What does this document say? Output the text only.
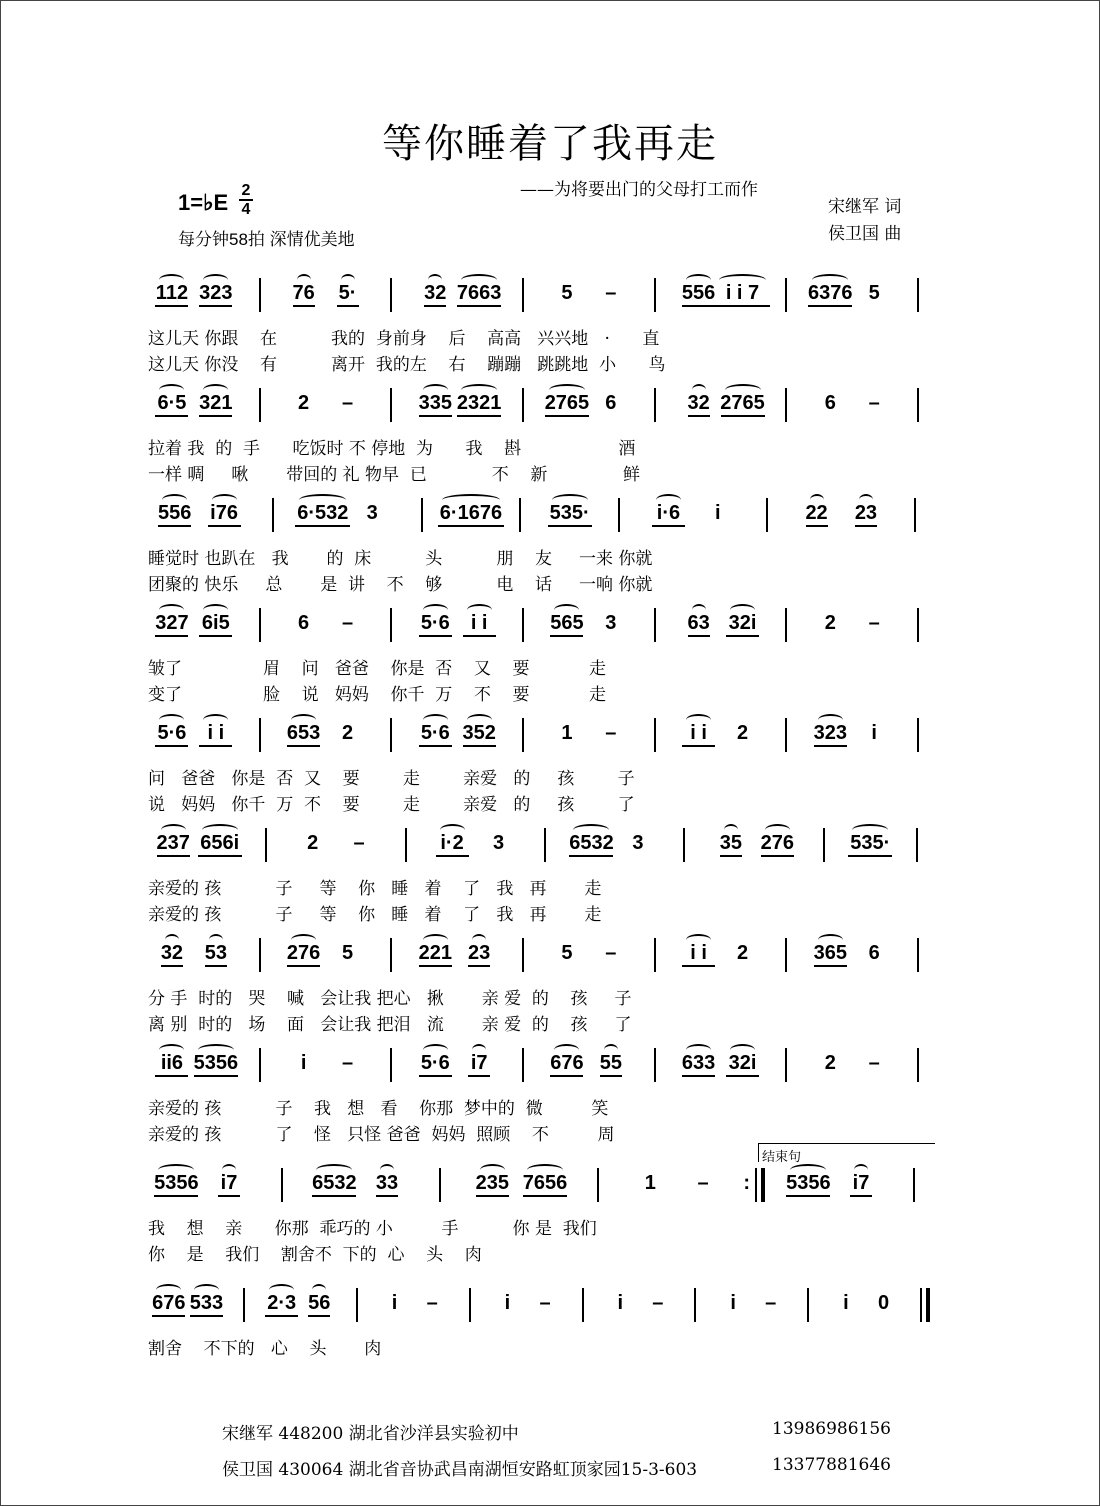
等你睡着了我再走
——为将要出门的父母打工而作
1=♭E 2
4
每分钟58拍 深情优美地
宋继军 词
侯卫国 曲
112 323	76 5·	32 7663	5 –	556 i i 7 6376 5
这儿天 你跟    在          我的  身前身    后    高高   兴兴地   ·      直
这儿天 你没    有          离开  我的左    右    蹦蹦   跳跳地  小      鸟
6·5 321	2 –	335 2321 2765 6	32 2765	6 –
拉着 我  的  手      吃饭时 不 停地  为      我    斟                  酒
一样 啁     啾       带回的 礼 物早  已            不    新              鲜
556 i76	6·532 3	6·1676 535·	i·6 i	22 23
睡觉时 也趴在   我       的  床          头          朋    友     一来 你就
团聚的 快乐     总       是  讲    不    够          电    话     一响 你就
327 6i5	6 –	5·6 i i	565 3	63 32i	2 –
皱了               眉    问   爸爸    你是  否    又    要           走
变了               脸    说   妈妈    你千  万    不    要           走
5·6 i i	653 2	5·6 352	1 –	i i 2	323 i
问   爸爸   你是  否  又    要        走        亲爱   的     孩        子
说   妈妈   你千  万  不    要        走        亲爱   的     孩        了
237 656i	2 –	i·2 3	6532 3	35 276	535·
亲爱的 孩          子     等    你   睡   着    了   我   再       走
亲爱的 孩          子     等    你   睡   着    了   我   再       走
32 53	276 5	221 23	5 –	i i 2	365 6
分 手  时的   哭    喊   会让我 把心   揪       亲 爱  的    孩     子
离 别  时的   场    面   会让我 把泪   流       亲 爱  的    孩     了
ii6 5356	i –	5·6 i7	676 55	633 32i	2 –
亲爱的 孩          子    我   想   看    你那  梦中的  微         笑
亲爱的 孩          了    怪   只怪 爸爸  妈妈  照顾    不         周
5356 i7	6532 33	235 7656	1 – : 5356 i7
我    想    亲      你那  乖巧的 小         手          你 是  我们
你    是    我们    割舍不  下的  心    头    肉
676 533 2·3 56	i –	i –	i –	i –	i 0
割舍    不下的   心    头       肉
结束句
宋继军 448200 湖北省沙洋县实验初中
侯卫国 430064 湖北省音协武昌南湖恒安路虹顶家园15-3-603
13986986156
13377881646
